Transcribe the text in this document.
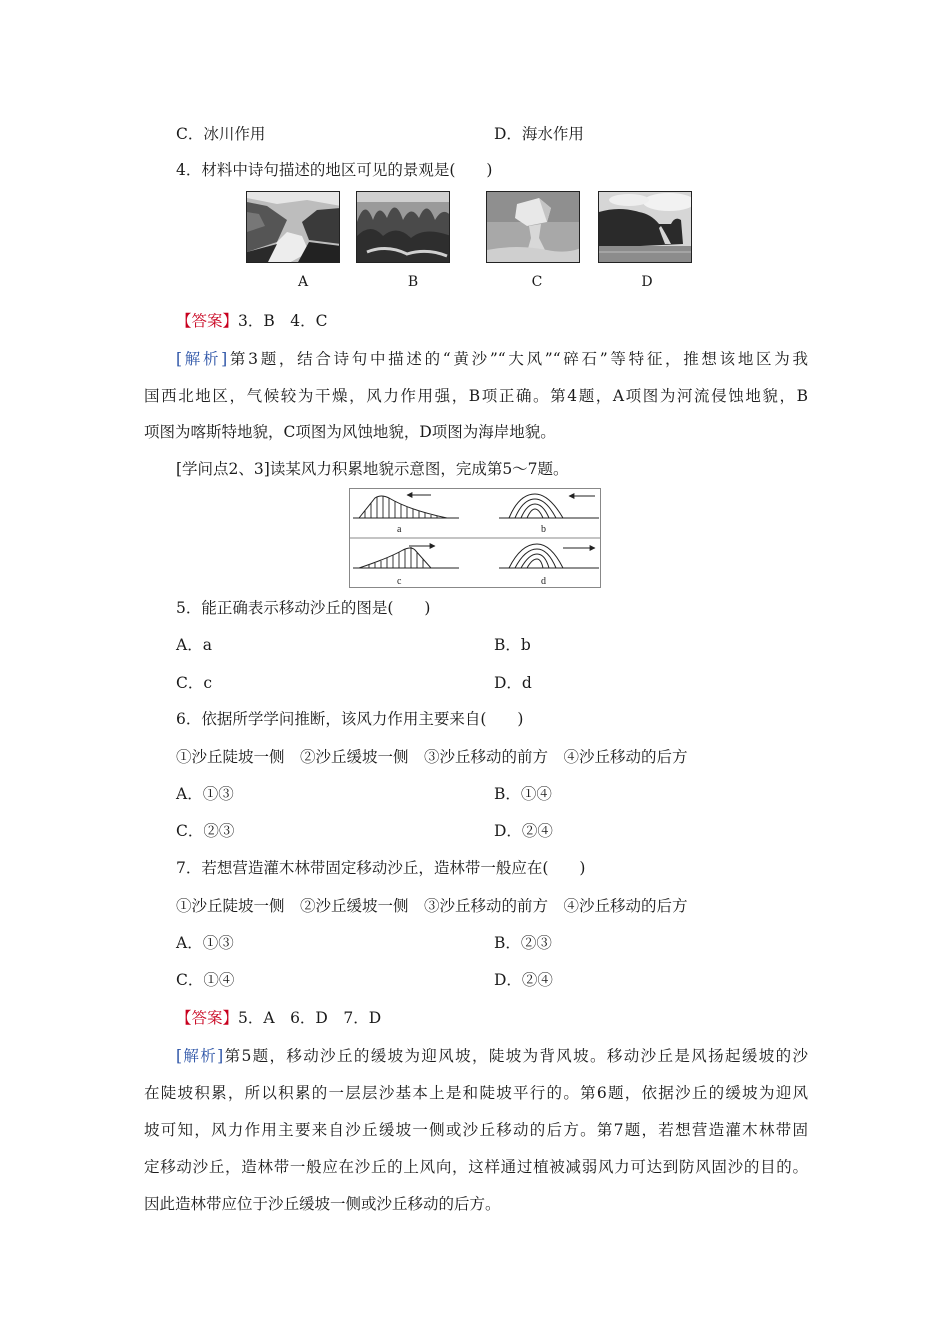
C．冰川作用	D．海水作用
4．材料中诗句描述的地区可见的景观是(　　)
A	B	C	D
【答案】3．B　4．C
[解析]第3题，结合诗句中描述的“黄沙”“大风”“碎石”等特征，推想该地区为我
国西北地区，气候较为干燥，风力作用强，B项正确。第4题，A项图为河流侵蚀地貌，B
项图为喀斯特地貌，C项图为风蚀地貌，D项图为海岸地貌。
[学问点2、3]读某风力积累地貌示意图，完成第5～7题。
a	b
c	d
5．能正确表示移动沙丘的图是(　　)
A．a	B．b
C．c	D．d
6．依据所学学问推断，该风力作用主要来自(　　)
①沙丘陡坡一侧　②沙丘缓坡一侧　③沙丘移动的前方　④沙丘移动的后方
A．①③	B．①④
C．②③	D．②④
7．若想营造灌木林带固定移动沙丘，造林带一般应在(　　)
①沙丘陡坡一侧　②沙丘缓坡一侧　③沙丘移动的前方　④沙丘移动的后方
A．①③	B．②③
C．①④	D．②④
【答案】5．A　6．D　7．D
[解析]第5题，移动沙丘的缓坡为迎风坡，陡坡为背风坡。移动沙丘是风扬起缓坡的沙
在陡坡积累，所以积累的一层层沙基本上是和陡坡平行的。第6题，依据沙丘的缓坡为迎风
坡可知，风力作用主要来自沙丘缓坡一侧或沙丘移动的后方。第7题，若想营造灌木林带固
定移动沙丘，造林带一般应在沙丘的上风向，这样通过植被减弱风力可达到防风固沙的目的。
因此造林带应位于沙丘缓坡一侧或沙丘移动的后方。
